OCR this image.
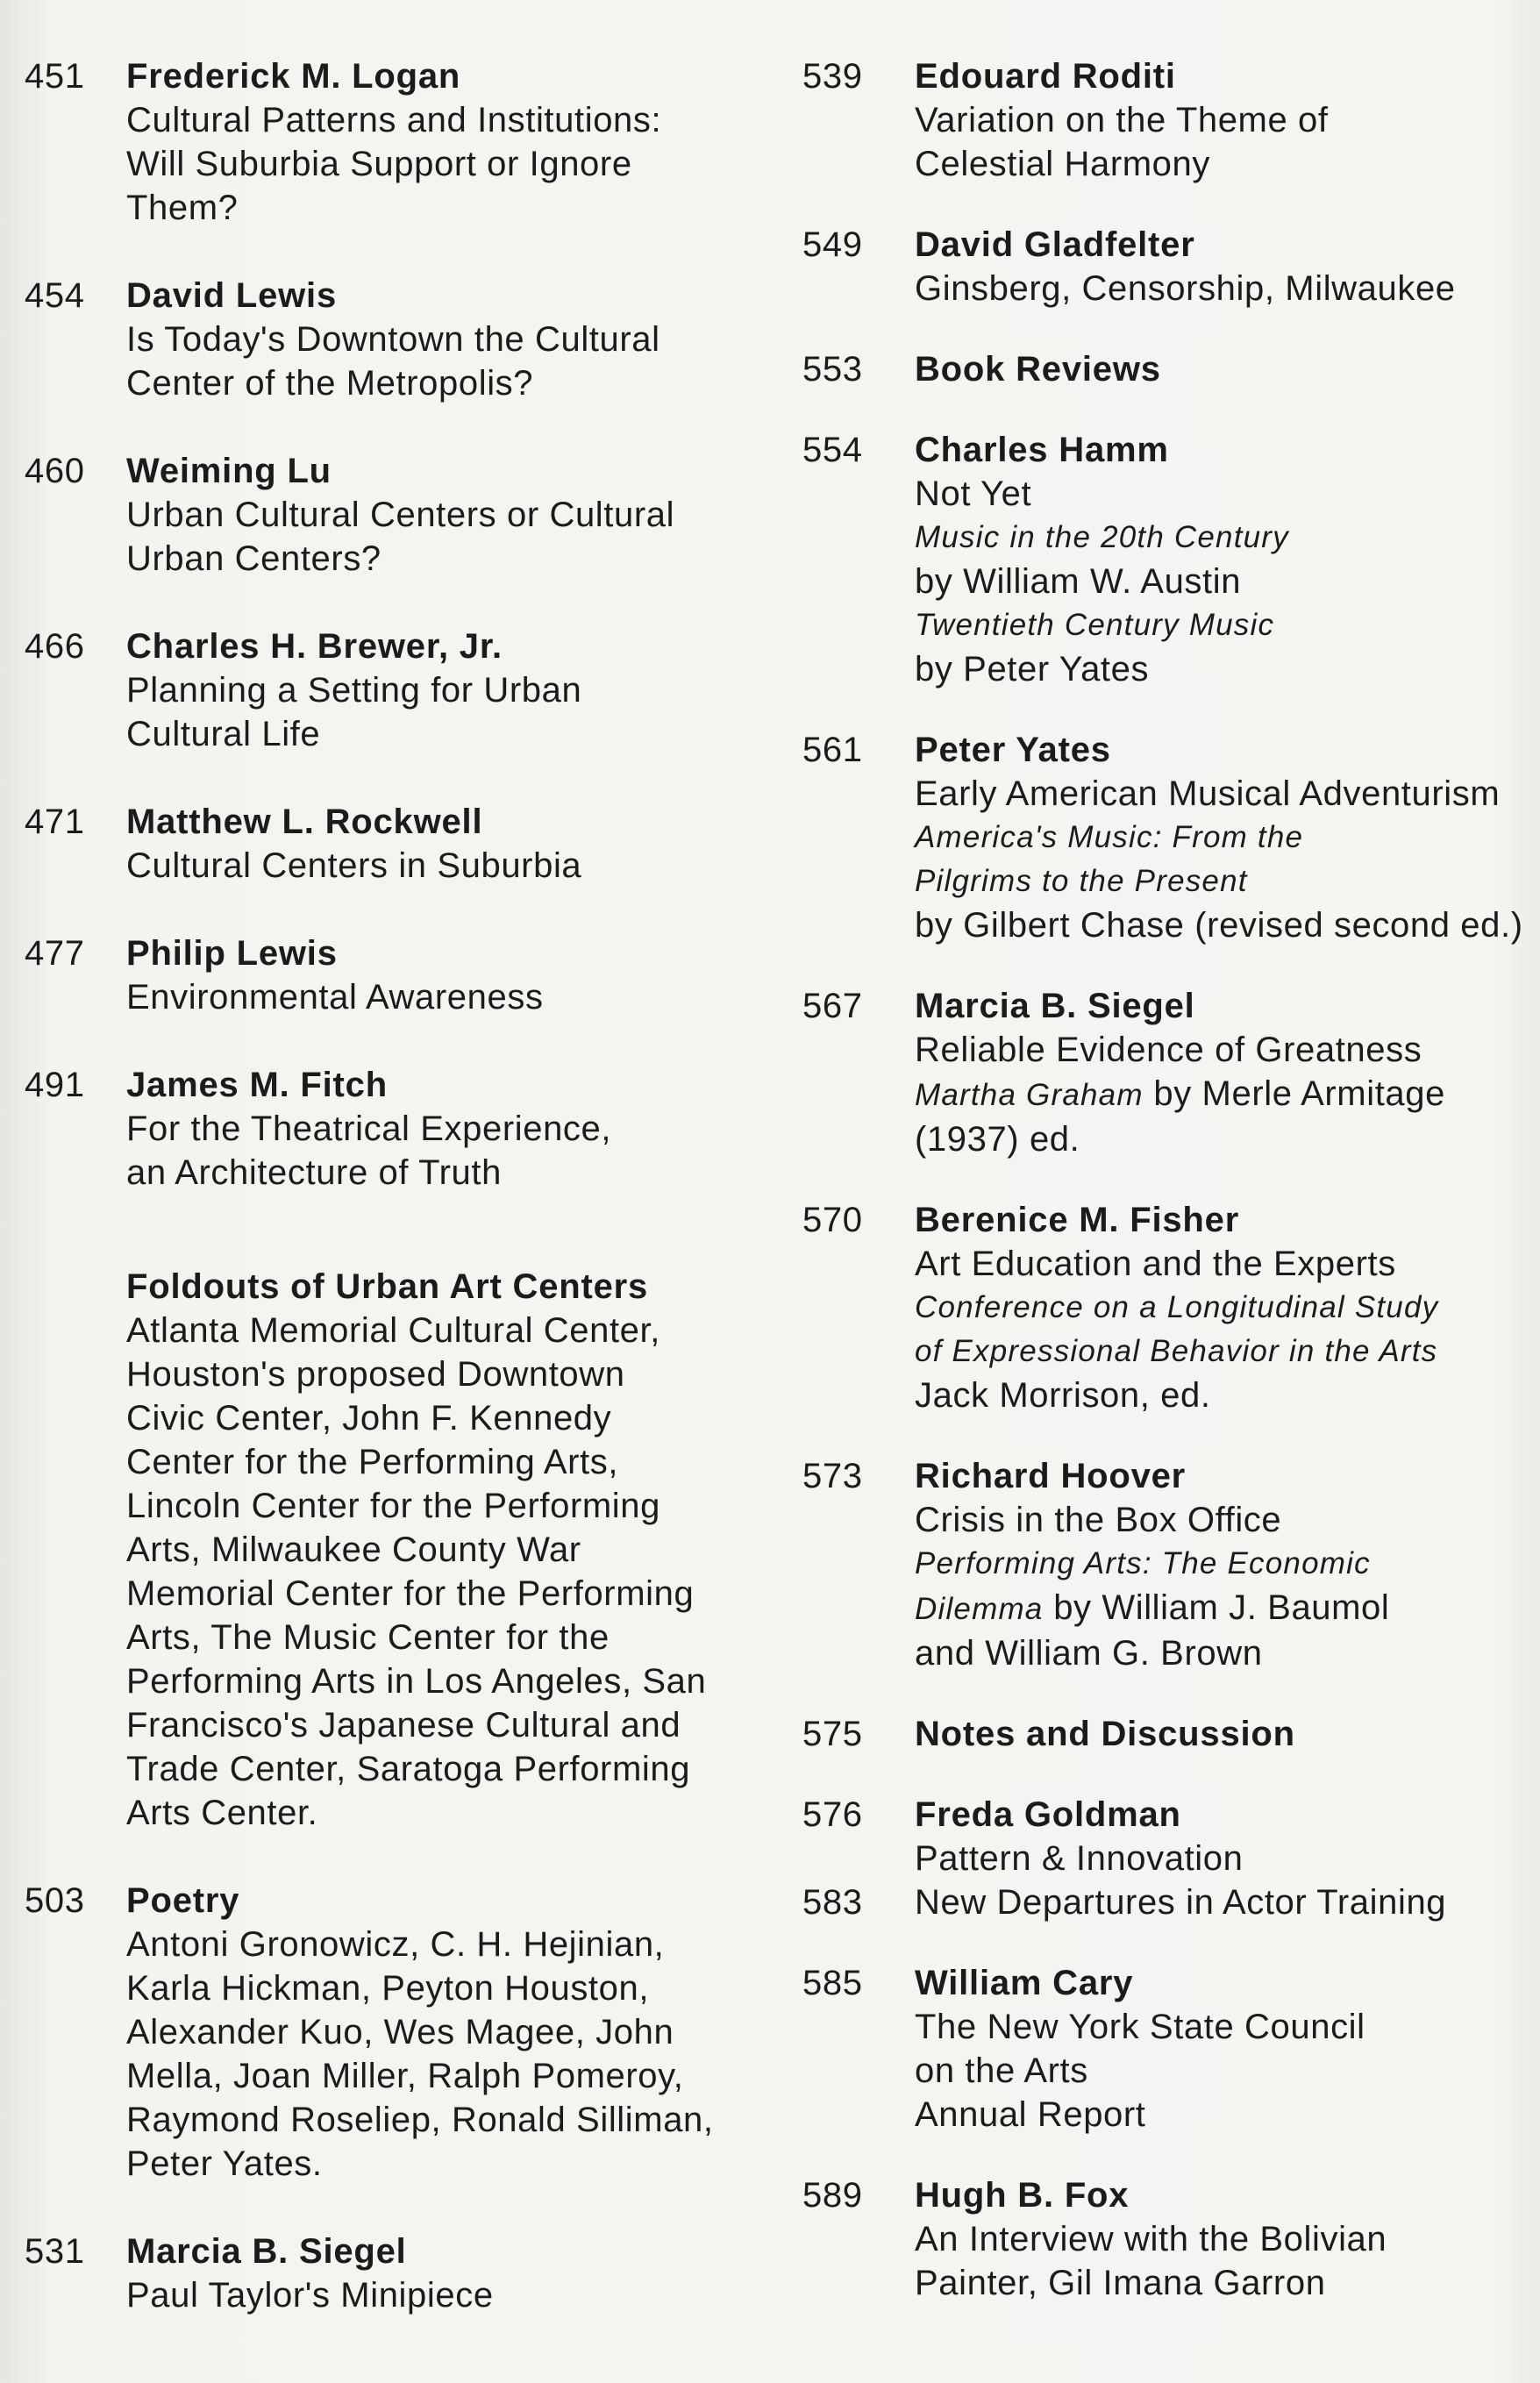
451	Frederick M. Logan
Cultural Patterns and Institutions:
Will Suburbia Support or Ignore
Them?
454	David Lewis
Is Today's Downtown the Cultural
Center of the Metropolis?
460	Weiming Lu
Urban Cultural Centers or Cultural
Urban Centers?
466	Charles H. Brewer, Jr.
Planning a Setting for Urban
Cultural Life
471	Matthew L. Rockwell
Cultural Centers in Suburbia
477	Philip Lewis
Environmental Awareness
491	James M. Fitch
For the Theatrical Experience,
an Architecture of Truth
Foldouts of Urban Art Centers
Atlanta Memorial Cultural Center,
Houston's proposed Downtown
Civic Center, John F. Kennedy
Center for the Performing Arts,
Lincoln Center for the Performing
Arts, Milwaukee County War
Memorial Center for the Performing
Arts, The Music Center for the
Performing Arts in Los Angeles, San
Francisco's Japanese Cultural and
Trade Center, Saratoga Performing
Arts Center.
503	Poetry
Antoni Gronowicz, C. H. Hejinian,
Karla Hickman, Peyton Houston,
Alexander Kuo, Wes Magee, John
Mella, Joan Miller, Ralph Pomeroy,
Raymond Roseliep, Ronald Silliman,
Peter Yates.
531	Marcia B. Siegel
Paul Taylor's Minipiece
539	Edouard Roditi
Variation on the Theme of
Celestial Harmony
549	David Gladfelter
Ginsberg, Censorship, Milwaukee
553	Book Reviews
554	Charles Hamm
Not Yet
Music in the 20th Century
by William W. Austin
Twentieth Century Music
by Peter Yates
561	Peter Yates
Early American Musical Adventurism
America's Music: From the
Pilgrims to the Present
by Gilbert Chase (revised second ed.)
567	Marcia B. Siegel
Reliable Evidence of Greatness
Martha Graham by Merle Armitage
(1937) ed.
570	Berenice M. Fisher
Art Education and the Experts
Conference on a Longitudinal Study
of Expressional Behavior in the Arts
Jack Morrison, ed.
573	Richard Hoover
Crisis in the Box Office
Performing Arts: The Economic
Dilemma by William J. Baumol
and William G. Brown
575	Notes and Discussion
576	Freda Goldman
Pattern & Innovation
583	New Departures in Actor Training
585	William Cary
The New York State Council
on the Arts
Annual Report
589	Hugh B. Fox
An Interview with the Bolivian
Painter, Gil Imana Garron
